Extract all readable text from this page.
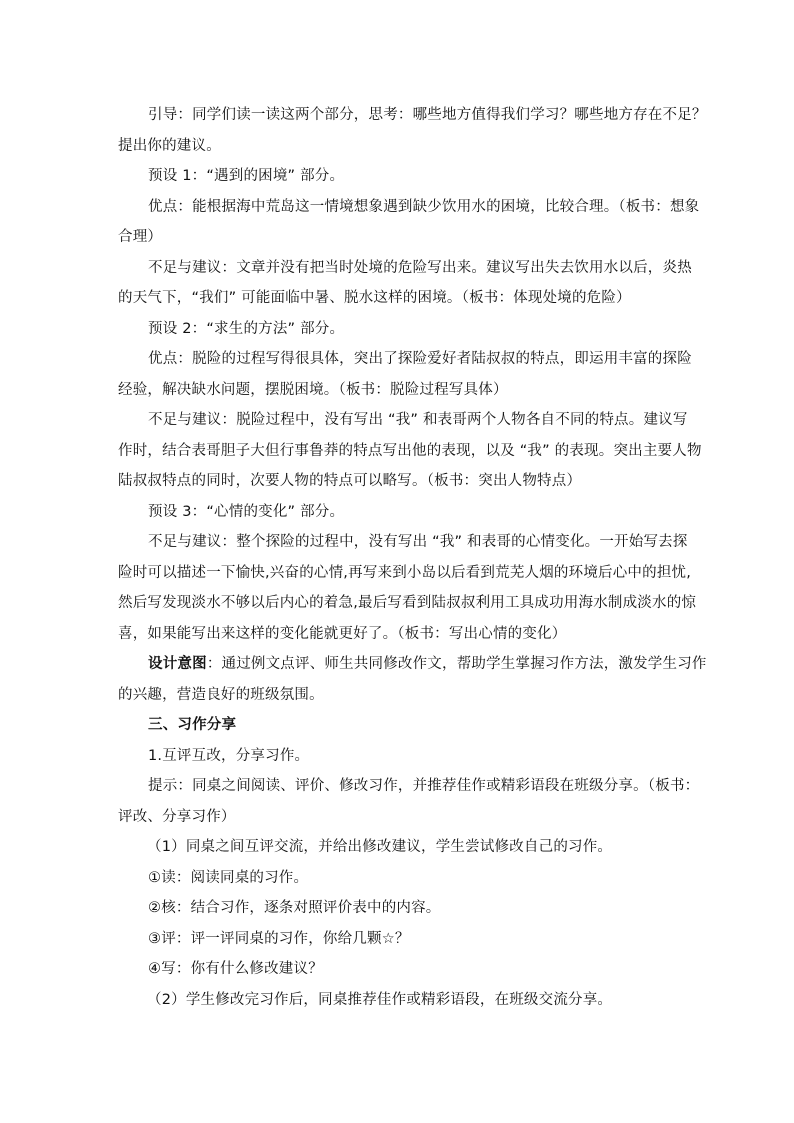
引导：同学们读一读这两个部分，思考：哪些地方值得我们学习？哪些地方存在不足？
提出你的建议。
预设 1：“遇到的困境” 部分。
优点：能根据海中荒岛这一情境想象遇到缺少饮用水的困境，比较合理。（板书：想象
合理）
不足与建议：文章并没有把当时处境的危险写出来。建议写出失去饮用水以后，炎热
的天气下，“我们” 可能面临中暑、脱水这样的困境。（板书：体现处境的危险）
预设 2：“求生的方法” 部分。
优点：脱险的过程写得很具体，突出了探险爱好者陆叔叔的特点，即运用丰富的探险
经验，解决缺水问题，摆脱困境。（板书：脱险过程写具体）
不足与建议：脱险过程中，没有写出 “我” 和表哥两个人物各自不同的特点。建议写
作时，结合表哥胆子大但行事鲁莽的特点写出他的表现，以及 “我” 的表现。突出主要人物
陆叔叔特点的同时，次要人物的特点可以略写。（板书：突出人物特点）
预设 3：“心情的变化” 部分。
不足与建议：整个探险的过程中，没有写出 “我” 和表哥的心情变化。一开始写去探
险时可以描述一下愉快,兴奋的心情,再写来到小岛以后看到荒芜人烟的环境后心中的担忧,
然后写发现淡水不够以后内心的着急,最后写看到陆叔叔利用工具成功用海水制成淡水的惊
喜，如果能写出来这样的变化能就更好了。（板书：写出心情的变化）
设计意图：通过例文点评、师生共同修改作文，帮助学生掌握习作方法，激发学生习作
的兴趣，营造良好的班级氛围。
三、习作分享
1.互评互改，分享习作。
提示：同桌之间阅读、评价、修改习作，并推荐佳作或精彩语段在班级分享。（板书：
评改、分享习作）
（1）同桌之间互评交流，并给出修改建议，学生尝试修改自己的习作。
①读：阅读同桌的习作。
②核：结合习作，逐条对照评价表中的内容。
③评：评一评同桌的习作，你给几颗☆？
④写：你有什么修改建议？
（2）学生修改完习作后，同桌推荐佳作或精彩语段，在班级交流分享。
